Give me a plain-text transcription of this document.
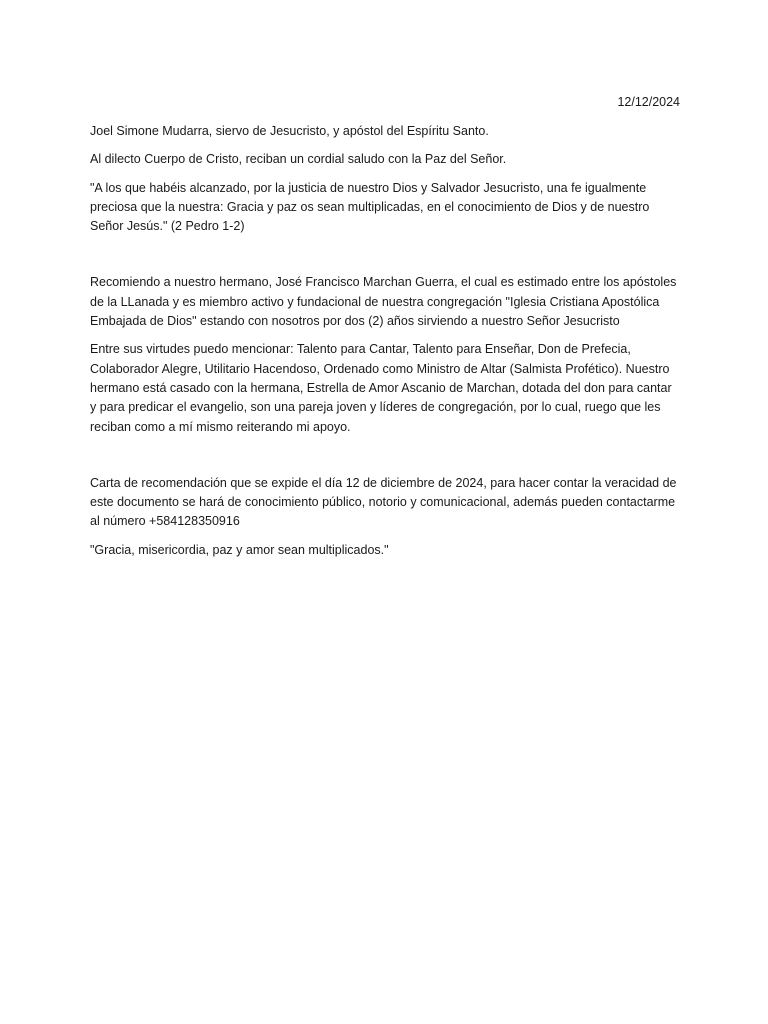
12/12/2024

Joel Simone Mudarra, siervo de Jesucristo, y apóstol del Espíritu Santo.

Al dilecto Cuerpo de Cristo, reciban un cordial saludo con la Paz del Señor.

"A los que habéis alcanzado, por la justicia de nuestro Dios y Salvador Jesucristo, una fe igualmente preciosa que la nuestra: Gracia y paz os sean multiplicadas, en el conocimiento de Dios y de nuestro Señor Jesús." (2 Pedro 1-2)

Recomiendo a nuestro hermano, José Francisco Marchan Guerra, el cual es estimado entre los apóstoles de la LLanada y es miembro activo y fundacional de nuestra congregación "Iglesia Cristiana Apostólica Embajada de Dios" estando con nosotros por dos (2) años sirviendo a nuestro Señor Jesucristo

Entre sus virtudes puedo mencionar: Talento para Cantar, Talento para Enseñar, Don de Prefecia, Colaborador Alegre, Utilitario Hacendoso, Ordenado como Ministro de Altar (Salmista Profético). Nuestro hermano está casado con la hermana, Estrella de Amor Ascanio de Marchan, dotada del don para cantar y para predicar el evangelio, son una pareja joven y líderes de congregación, por lo cual, ruego que les reciban como a mí mismo reiterando mi apoyo.

Carta de recomendación que se expide el día 12 de diciembre de 2024, para hacer contar la veracidad de este documento se hará de conocimiento público, notorio y comunicacional, además pueden contactarme al número +584128350916

"Gracia, misericordia, paz y amor sean multiplicados."
